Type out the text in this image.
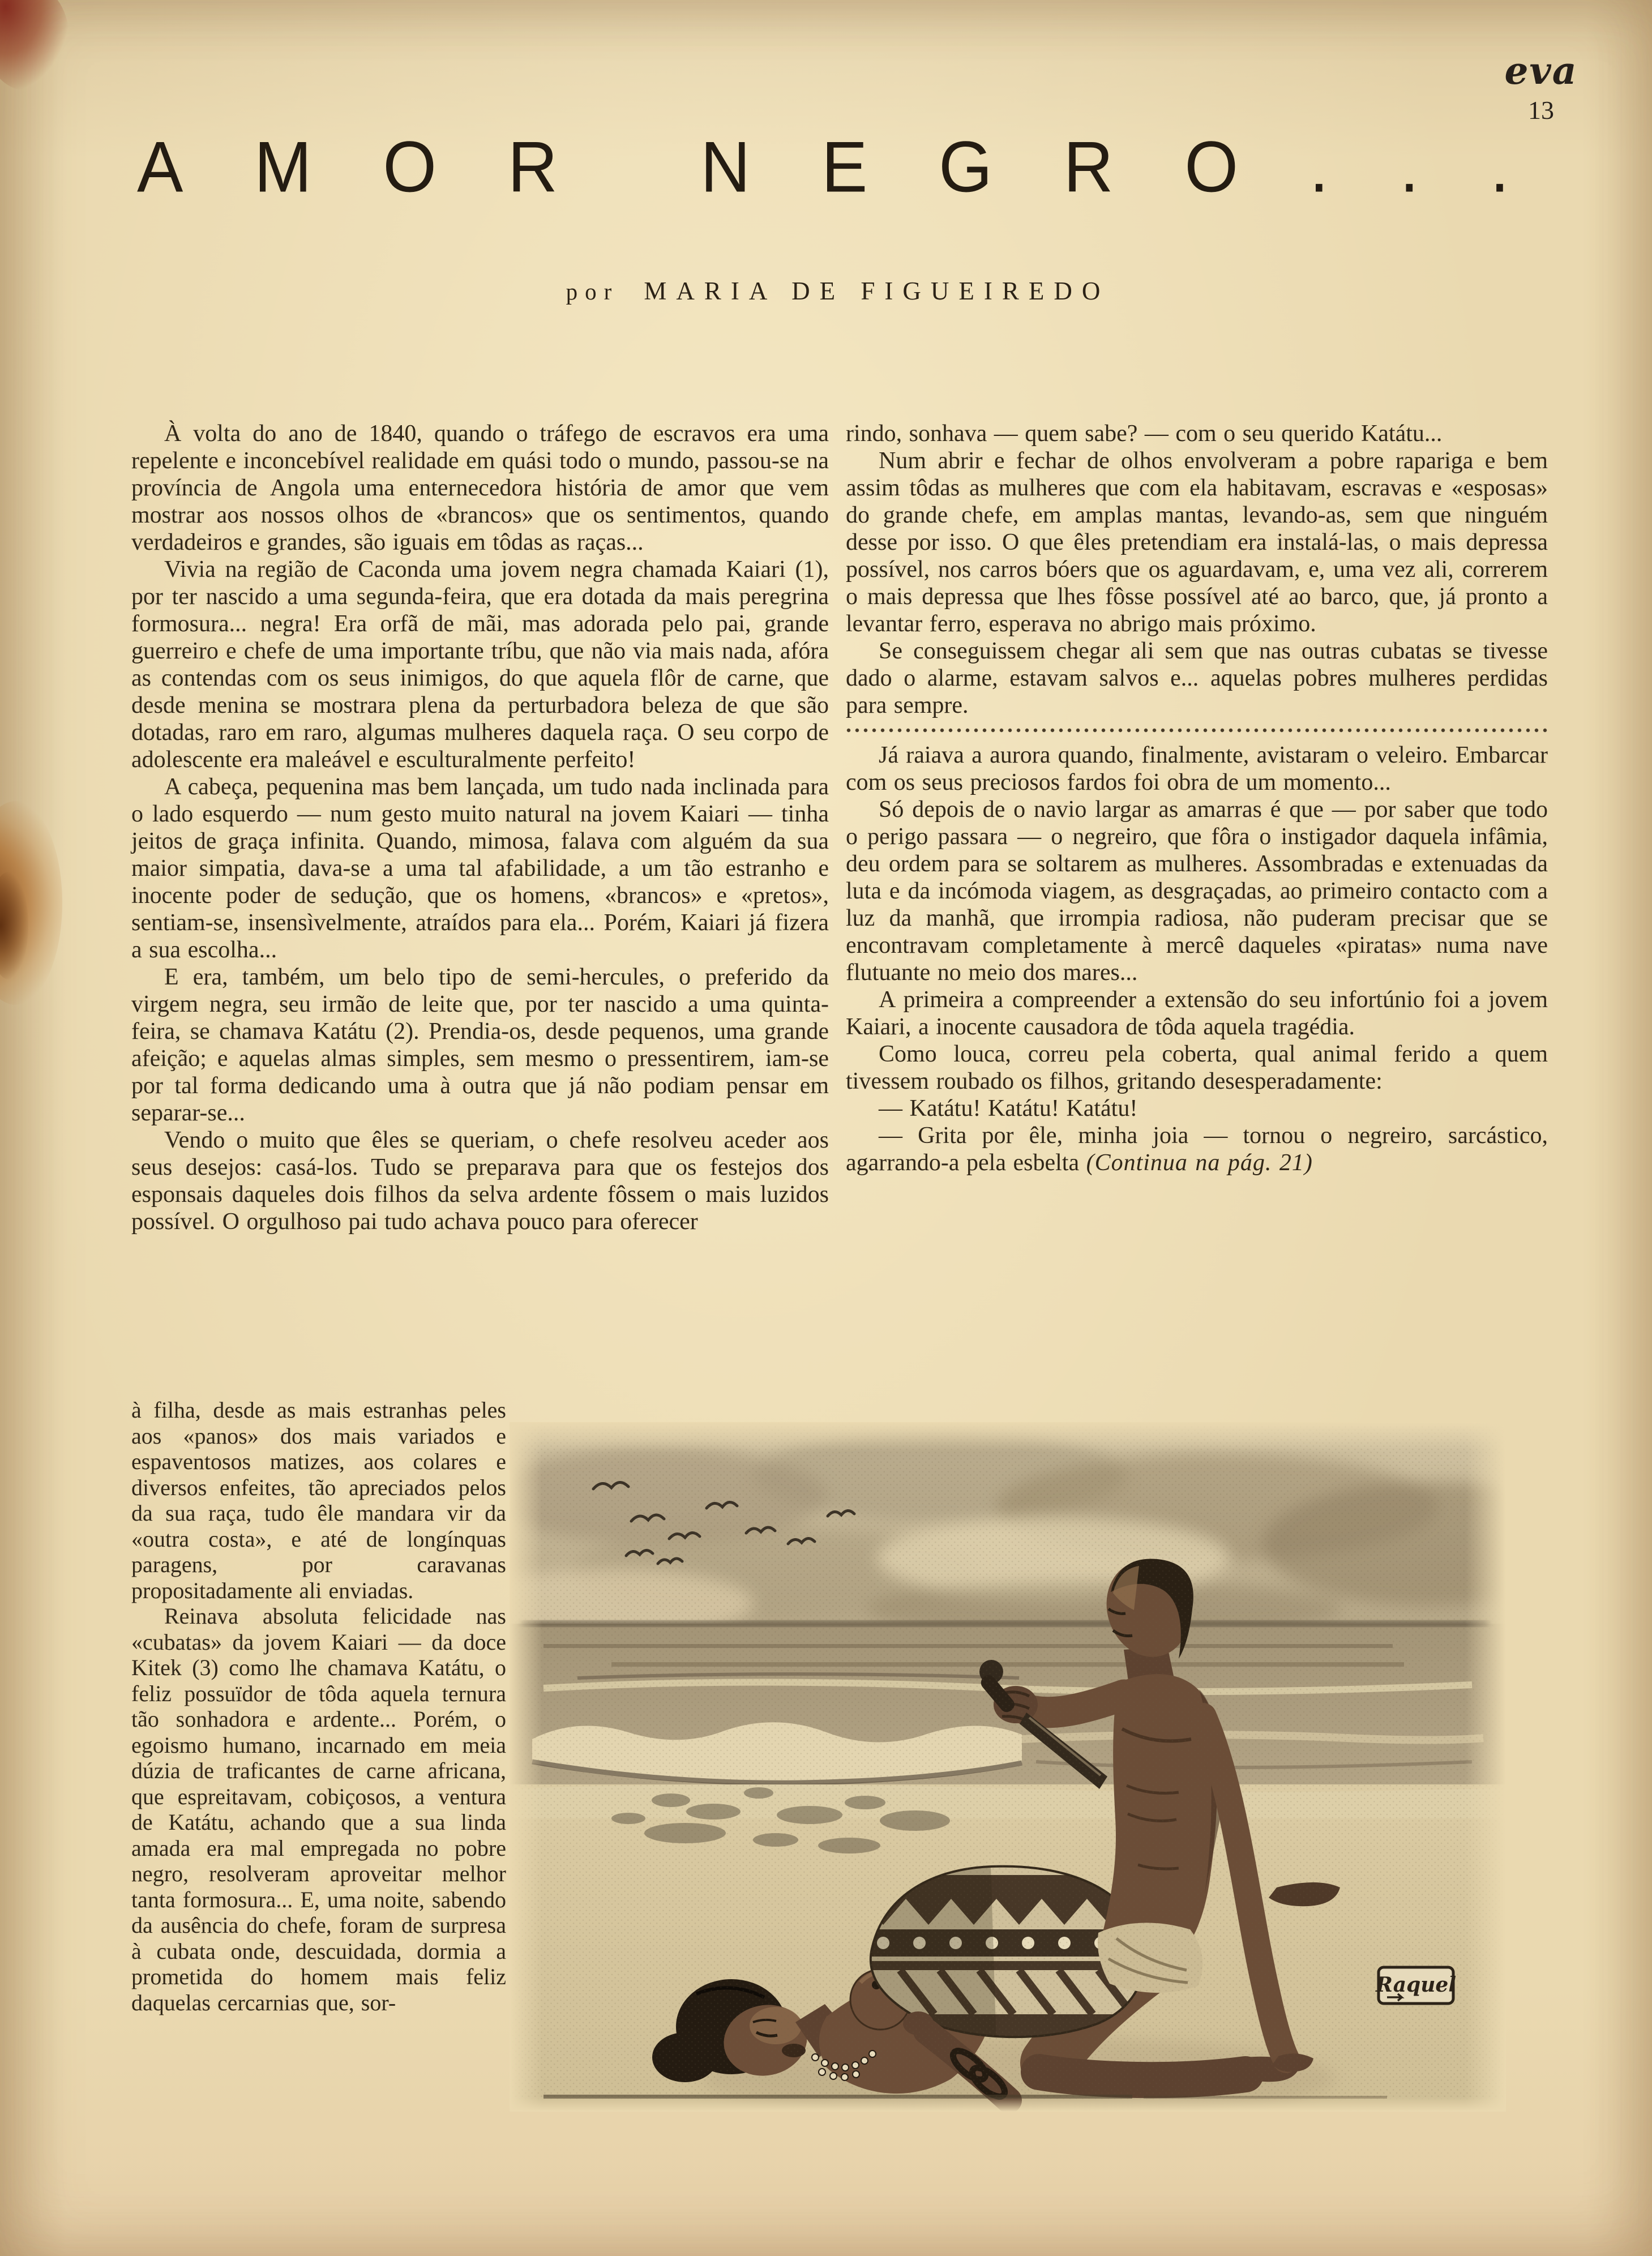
eva
13
A M O R
N E G R O . . .
por MARIA DE FIGUEIREDO

À volta do ano de 1840, quando o tráfego de escravos era uma repelente e inconcebível realidade em quási todo o mundo, passou-se na província de Angola uma enternecedora história de amor que vem mostrar aos nossos olhos de «brancos» que os sentimentos, quando verdadeiros e grandes, são iguais em tôdas as raças...

Vivia na região de Caconda uma jovem negra chamada Kaiari (1), por ter nascido a uma segunda-feira, que era dotada da mais peregrina formosura... negra! Era orfã de mãi, mas adorada pelo pai, grande guerreiro e chefe de uma importante tríbu, que não via mais nada, afóra as contendas com os seus inimigos, do que aquela flôr de carne, que desde menina se mostrara plena da perturbadora beleza de que são dotadas, raro em raro, algumas mulheres daquela raça. O seu corpo de adolescente era maleável e esculturalmente perfeito!

A cabeça, pequenina mas bem lançada, um tudo nada inclinada para o lado esquerdo — num gesto muito natural na jovem Kaiari — tinha jeitos de graça infinita. Quando, mimosa, falava com alguém da sua maior simpatia, dava-se a uma tal afabilidade, a um tão estranho e inocente poder de sedução, que os homens, «brancos» e «pretos», sentiam-se, insensìvelmente, atraídos para ela... Porém, Kaiari já fizera a sua escolha...

E era, também, um belo tipo de semi-hercules, o preferido da virgem negra, seu irmão de leite que, por ter nascido a uma quinta-feira, se chamava Katátu (2). Prendia-os, desde pequenos, uma grande afeição; e aquelas almas simples, sem mesmo o pressentirem, iam-se por tal forma dedicando uma à outra que já não podiam pensar em separar-se...

Vendo o muito que êles se queriam, o chefe resolveu aceder aos seus desejos: casá-los. Tudo se preparava para que os festejos dos esponsais daqueles dois filhos da selva ardente fôssem o mais luzidos possível. O orgulhoso pai tudo achava pouco para oferecer

à filha, desde as mais estranhas peles aos «panos» dos mais variados e espaventosos matizes, aos colares e diversos enfeites, tão apreciados pelos da sua raça, tudo êle mandara vir da «outra costa», e até de longínquas paragens, por caravanas propositadamente ali enviadas.

Reinava absoluta felicidade nas «cubatas» da jovem Kaiari — da doce Kitek (3) como lhe chamava Katátu, o feliz possuïdor de tôda aquela ternura tão sonhadora e ardente... Porém, o egoismo humano, incarnado em meia dúzia de traficantes de carne africana, que espreitavam, cobiçosos, a ventura de Katátu, achando que a sua linda amada era mal empregada no pobre negro, resolveram aproveitar melhor tanta formosura... E, uma noite, sabendo da ausência do chefe, foram de surpresa à cubata onde, descuidada, dormia a prometida do homem mais feliz daquelas cercarnias que, sor-

rindo, sonhava — quem sabe? — com o seu querido Katátu...

Num abrir e fechar de olhos envolveram a pobre rapariga e bem assim tôdas as mulheres que com ela habitavam, escravas e «esposas» do grande chefe, em amplas mantas, levando-as, sem que ninguém desse por isso. O que êles pretendiam era instalá-las, o mais depressa possível, nos carros bóers que os aguardavam, e, uma vez ali, correrem o mais depressa que lhes fôsse possível até ao barco, que, já pronto a levantar ferro, esperava no abrigo mais próximo.

Se conseguissem chegar ali sem que nas outras cubatas se tivesse dado o alarme, estavam salvos e... aquelas pobres mulheres perdidas para sempre.

Já raiava a aurora quando, finalmente, avistaram o veleiro. Embarcar com os seus preciosos fardos foi obra de um momento...

Só depois de o navio largar as amarras é que — por saber que todo o perigo passara — o negreiro, que fôra o instigador daquela infâmia, deu ordem para se soltarem as mulheres. Assombradas e extenuadas da luta e da incómoda viagem, as desgraçadas, ao primeiro contacto com a luz da manhã, que irrompia radiosa, não puderam precisar que se encontravam completamente à mercê daqueles «piratas» numa nave flutuante no meio dos mares...

A primeira a compreender a extensão do seu infortúnio foi a jovem Kaiari, a inocente causadora de tôda aquela tragédia.

Como louca, correu pela coberta, qual animal ferido a quem tivessem roubado os filhos, gritando desesperadamente:

— Katátu! Katátu! Katátu!

— Grita por êle, minha joia — tornou o negreiro, sarcástico, agarrando-a pela esbelta (Continua na pág. 21)

Raquel
